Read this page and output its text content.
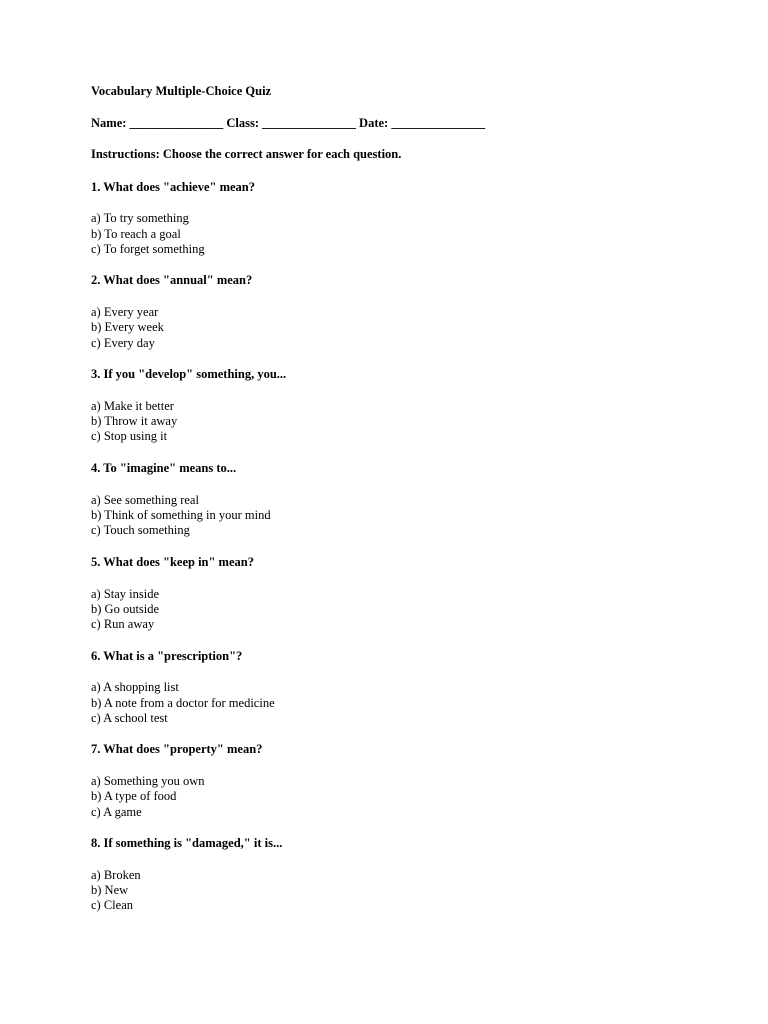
Vocabulary Multiple-Choice Quiz

Name: _______________ Class: _______________ Date: _______________

Instructions: Choose the correct answer for each question.

1. What does "achieve" mean?

a) To try something
b) To reach a goal
c) To forget something

2. What does "annual" mean?

a) Every year
b) Every week
c) Every day

3. If you "develop" something, you...

a) Make it better
b) Throw it away
c) Stop using it

4. To "imagine" means to...

a) See something real
b) Think of something in your mind
c) Touch something

5. What does "keep in" mean?

a) Stay inside
b) Go outside
c) Run away

6. What is a "prescription"?

a) A shopping list
b) A note from a doctor for medicine
c) A school test

7. What does "property" mean?

a) Something you own
b) A type of food
c) A game

8. If something is "damaged," it is...

a) Broken
b) New
c) Clean
